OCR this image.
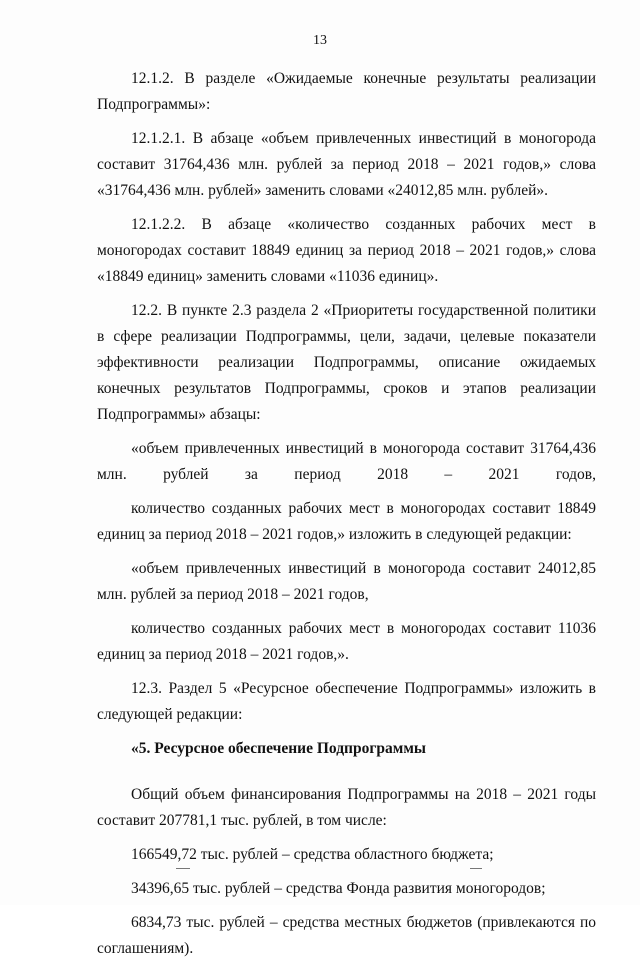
13

12.1.2. В разделе «Ожидаемые конечные результаты реализации Подпрограммы»:

12.1.2.1. В абзаце «объем привлеченных инвестиций в моногорода составит 31764,436 млн. рублей за период 2018 – 2021 годов,» слова «31764,436 млн. рублей» заменить словами «24012,85 млн. рублей».

12.1.2.2. В абзаце «количество созданных рабочих мест в моногородах составит 18849 единиц за период 2018 – 2021 годов,» слова «18849 единиц» заменить словами «11036 единиц».

12.2. В пункте 2.3 раздела 2 «Приоритеты государственной политики в сфере реализации Подпрограммы, цели, задачи, целевые показатели эффективности реализации Подпрограммы, описание ожидаемых конечных результатов Подпрограммы, сроков и этапов реализации Подпрограммы» абзацы:

«объем привлеченных инвестиций в моногорода составит 31764,436 млн. рублей за период 2018 – 2021 годов,

количество созданных рабочих мест в моногородах составит 18849 единиц за период 2018 – 2021 годов,» изложить в следующей редакции:

«объем привлеченных инвестиций в моногорода составит 24012,85 млн. рублей за период 2018 – 2021 годов,

количество созданных рабочих мест в моногородах составит 11036 единиц за период 2018 – 2021 годов,».

12.3. Раздел 5 «Ресурсное обеспечение Подпрограммы» изложить в следующей редакции:

«5. Ресурсное обеспечение Подпрограммы

Общий объем финансирования Подпрограммы на 2018 – 2021 годы составит 207781,1 тыс. рублей, в том числе:

166549,72 тыс. рублей – средства областного бюджета;

34396,65 тыс. рублей – средства Фонда развития моногородов;

6834,73 тыс. рублей – средства местных бюджетов (привлекаются по соглашениям).
